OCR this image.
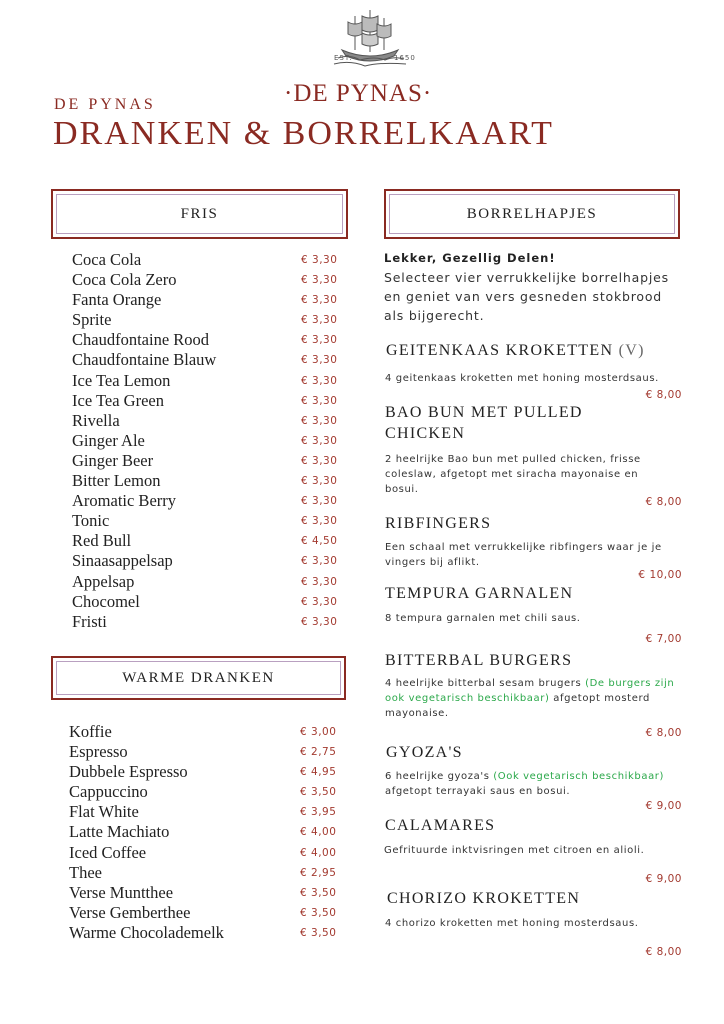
EST.	1650
·DE PYNAS·
DE PYNAS
DRANKEN & BORRELKAART
FRIS
Coca Cola	€ 3,30
Coca Cola Zero	€ 3,30
Fanta Orange	€ 3,30
Sprite	€ 3,30
Chaudfontaine Rood	€ 3,30
Chaudfontaine Blauw	€ 3,30
Ice Tea Lemon	€ 3,30
Ice Tea Green	€ 3,30
Rivella	€ 3,30
Ginger Ale	€ 3,30
Ginger Beer	€ 3,30
Bitter Lemon	€ 3,30
Aromatic Berry	€ 3,30
Tonic	€ 3,30
Red Bull	€ 4,50
Sinaasappelsap	€ 3,30
Appelsap	€ 3,30
Chocomel	€ 3,30
Fristi	€ 3,30
WARME DRANKEN
Koffie	€ 3,00
Espresso	€ 2,75
Dubbele Espresso	€ 4,95
Cappuccino	€ 3,50
Flat White	€ 3,95
Latte Machiato	€ 4,00
Iced Coffee	€ 4,00
Thee	€ 2,95
Verse Muntthee	€ 3,50
Verse Gemberthee	€ 3,50
Warme Chocolademelk	€ 3,50
BORRELHAPJES
Lekker, Gezellig Delen!
Selecteer vier verrukkelijke borrelhapjes en geniet van vers gesneden stokbrood als bijgerecht.
GEITENKAAS KROKETTEN (V)
4 geitenkaas kroketten met honing mosterdsaus.
€ 8,00
BAO BUN MET PULLED CHICKEN
2 heelrijke Bao bun met pulled chicken, frisse coleslaw, afgetopt met siracha mayonaise en bosui.
€ 8,00
RIBFINGERS
Een schaal met verrukkelijke ribfingers waar je je vingers bij aflikt.
€ 10,00
TEMPURA GARNALEN
8 tempura garnalen met chili saus.
€ 7,00
BITTERBAL BURGERS
4 heelrijke bitterbal sesam brugers (De burgers zijn ook vegetarisch beschikbaar) afgetopt mosterd mayonaise.
€ 8,00
GYOZA'S
6 heelrijke gyoza's (Ook vegetarisch beschikbaar) afgetopt terrayaki saus en bosui.
€ 9,00
CALAMARES
Gefrituurde inktvisringen met citroen en alioli.
€ 9,00
CHORIZO KROKETTEN
4 chorizo kroketten met honing mosterdsaus.
€ 8,00
